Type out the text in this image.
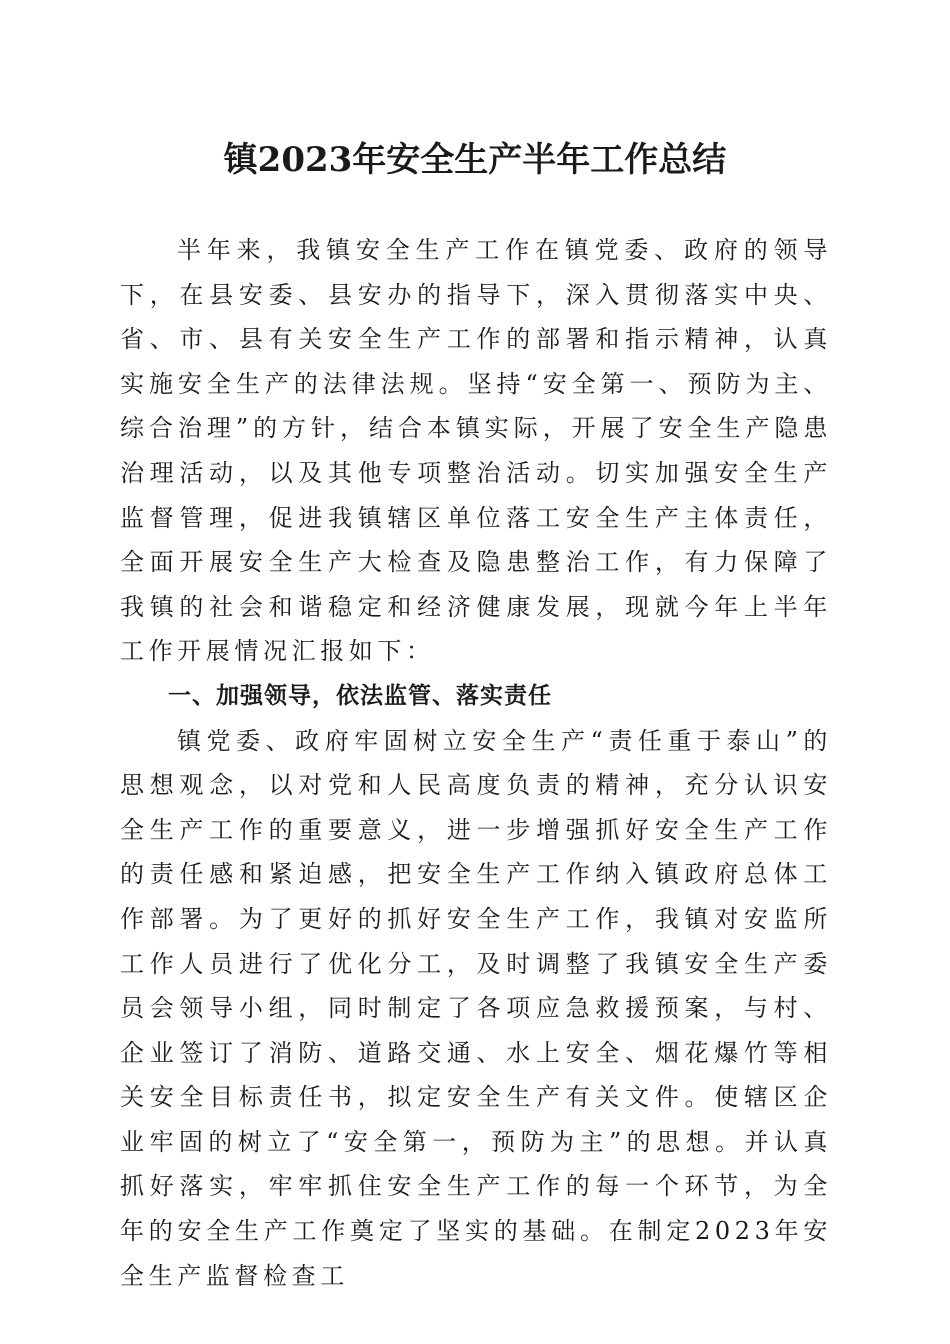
镇2023年安全生产半年工作总结

半年来，我镇安全生产工作在镇党委、政府的领导下，在县安委、县安办的指导下，深入贯彻落实中央、省、市、县有关安全生产工作的部署和指示精神，认真实施安全生产的法律法规。坚持“安全第一、预防为主、综合治理”的方针，结合本镇实际，开展了安全生产隐患治理活动，以及其他专项整治活动。切实加强安全生产监督管理，促进我镇辖区单位落工安全生产主体责任，全面开展安全生产大检查及隐患整治工作，有力保障了我镇的社会和谐稳定和经济健康发展，现就今年上半年工作开展情况汇报如下：

一、加强领导，依法监管、落实责任

镇党委、政府牢固树立安全生产“责任重于泰山”的思想观念，以对党和人民高度负责的精神，充分认识安全生产工作的重要意义，进一步增强抓好安全生产工作的责任感和紧迫感，把安全生产工作纳入镇政府总体工作部署。为了更好的抓好安全生产工作，我镇对安监所工作人员进行了优化分工，及时调整了我镇安全生产委员会领导小组，同时制定了各项应急救援预案，与村、企业签订了消防、道路交通、水上安全、烟花爆竹等相关安全目标责任书，拟定安全生产有关文件。使辖区企业牢固的树立了“安全第一，预防为主”的思想。并认真抓好落实，牢牢抓住安全生产工作的每一个环节，为全年的安全生产工作奠定了坚实的基础。在制定2023年安全生产监督检查工
